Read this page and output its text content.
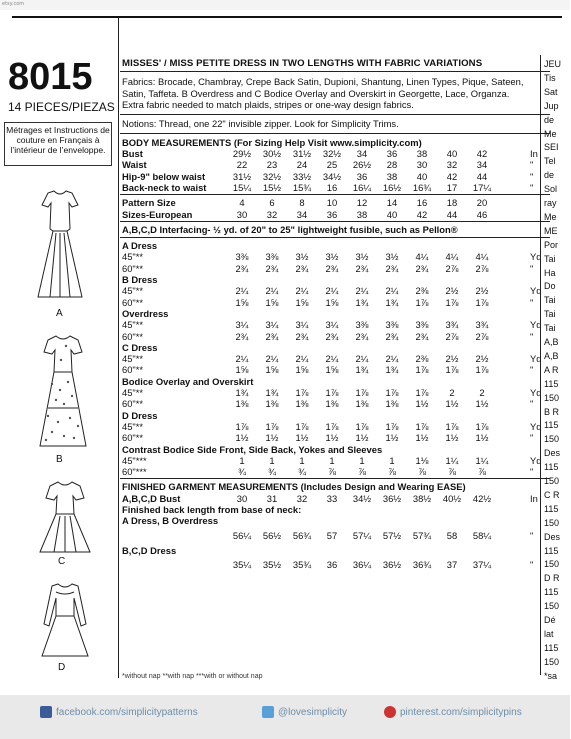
etsy.com
8015
14 PIECES/PIEZAS
Métrages et Instructions de couture en Français à l’intérieur de l’enveloppe.
A
B
C
D
MISSES' / MISS PETITE DRESS IN TWO LENGTHS WITH FABRIC VARIATIONS
Fabrics: Brocade, Chambray, Crepe Back Satin, Dupioni, Shantung, Linen Types, Pique, Sateen,
Satin, Taffeta. B Overdress and C Bodice Overlay and Overskirt in Georgette, Lace, Organza.
Extra fabric needed to match plaids, stripes or one-way design fabrics.
Notions: Thread, one 22" invisible zipper. Look for Simplicity Trims.
BODY MEASUREMENTS (For Sizing Help Visit www.simplicity.com)
Bust	29½	30½	31½	32½	34	36	38	40	42	In
Waist	22	23	24	25	26½	28	30	32	34	"
Hip-9" below waist	31½	32½	33½	34½	36	38	40	42	44	"
Back-neck to waist	15¼	15½	15¾	16	16¼	16½	16¾	17	17¼	"
Pattern Size	4	6	8	10	12	14	16	18	20
Sizes-European	30	32	34	36	38	40	42	44	46
A,B,C,D Interfacing- ½ yd. of 20" to 25" lightweight fusible, such as Pellon®
A Dress
45"**	3⅜	3⅜	3½	3½	3½	3½	4¼	4¼	4¼	Yd
60"**	2¾	2¾	2¾	2¾	2¾	2¾	2¾	2⅞	2⅞	"
B Dress
45"**	2¼	2¼	2¼	2¼	2¼	2¼	2⅜	2½	2½	Yd
60"**	1⅝	1⅝	1⅝	1⅝	1¾	1¾	1⅞	1⅞	1⅞	"
Overdress
45"**	3¼	3¼	3¼	3¼	3⅜	3⅜	3⅜	3¾	3¾	Yd
60"**	2¾	2¾	2¾	2¾	2¾	2¾	2¾	2⅞	2⅞	"
C Dress
45"**	2¼	2¼	2¼	2¼	2¼	2¼	2⅜	2½	2½	Yd
60"**	1⅝	1⅝	1⅝	1⅝	1¾	1¾	1⅞	1⅞	1⅞	"
Bodice Overlay and Overskirt
45"**	1¾	1¾	1⅞	1⅞	1⅞	1⅞	1⅞	2	2	Yd
60"**	1⅜	1⅜	1⅜	1⅜	1⅜	1⅜	1½	1½	1½	"
D Dress
45"**	1⅞	1⅞	1⅞	1⅞	1⅞	1⅞	1⅞	1⅞	1⅞	Yd
60"**	1½	1½	1½	1½	1½	1½	1½	1½	1½	"
Contrast Bodice Side Front, Side Back, Yokes and Sleeves
45"***	1	1	1	1	1	1	1⅛	1¼	1¼	Yd
60"***	¾	¾	¾	⅞	⅞	⅞	⅞	⅞	⅞	"
FINISHED GARMENT MEASUREMENTS (Includes Design and Wearing EASE)
A,B,C,D Bust	30	31	32	33	34½	36½	38½	40½	42½	In
Finished back length from base of neck:
A Dress, B Overdress
56¼	56½	56¾	57	57¼	57½	57¾	58	58¼	"
B,C,D Dress
35¼	35½	35¾	36	36¼	36½	36¾	37	37¼	"
JEU
Tis
Sat
Jup
de
Me
SEI
Tel
de
Sol
ray
Me
ME
Por
Tai
Ha
Do
Tai
Tai
Tai
A,B
A,B
A R
115
150
B R
115
150
Des
115
150
C R
115
150
Des
115
150
D R
115
150
Dé
lat
115
150
*sa
*without nap **with nap ***with or without nap
facebook.com/simplicitypatterns	@lovesimplicity	pinterest.com/simplicitypins
